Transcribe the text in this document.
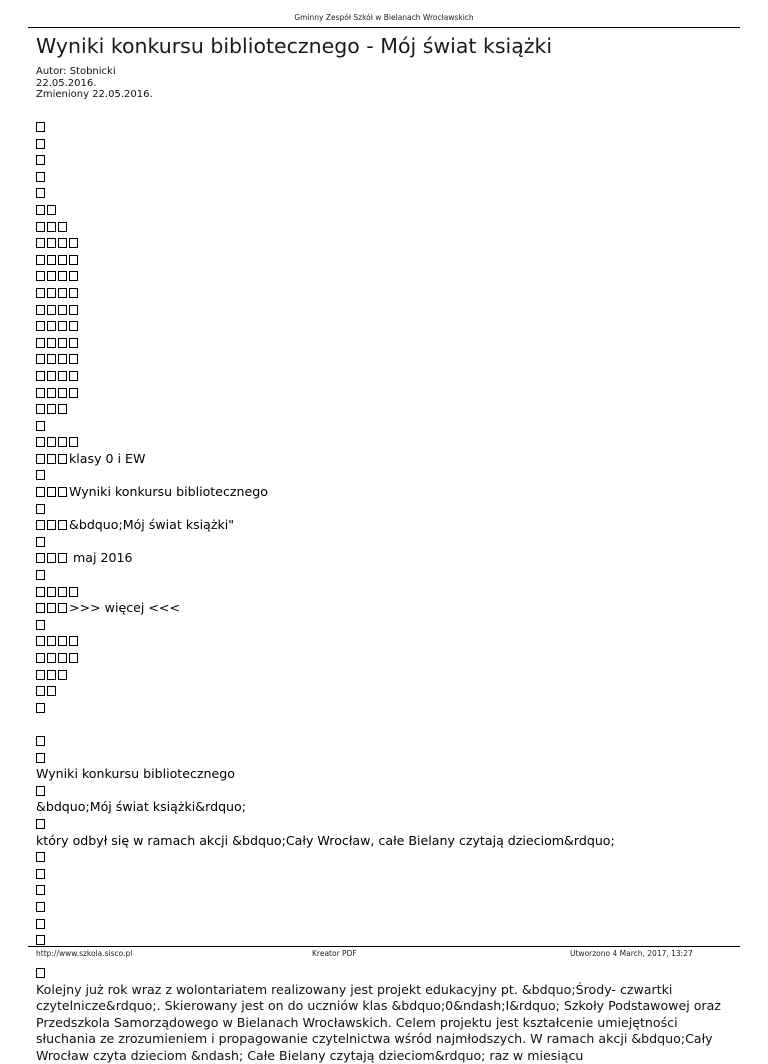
Gminny Zespół Szkół w Bielanach Wrocławskich
Wyniki konkursu bibliotecznego - Mój świat książki
Autor: Stobnicki
22.05.2016.
Zmieniony 22.05.2016.
klasy 0 i EW
Wyniki konkursu bibliotecznego
&bdquo;Mój świat książki"
maj 2016
>>> więcej <<<
Wyniki konkursu bibliotecznego
&bdquo;Mój świat książki&rdquo;
który odbył się w ramach akcji &bdquo;Cały Wrocław, całe Bielany czytają dzieciom&rdquo;
Kolejny już rok wraz z wolontariatem realizowany jest projekt edukacyjny pt. &bdquo;Środy- czwartki czytelnicze&rdquo;. Skierowany jest on do uczniów klas &bdquo;0&ndash;I&rdquo; Szkoły Podstawowej oraz Przedszkola Samorządowego w Bielanach Wrocławskich. Celem projektu jest kształcenie umiejętności słuchania ze zrozumieniem i propagowanie czytelnictwa wśród najmłodszych. W ramach akcji &bdquo;Cały Wrocław czyta dzieciom &ndash; Całe Bielany czytają dzieciom&rdquo; raz w miesiącu
http://www.szkola.sisco.pl	Kreator PDF	Utworzono 4 March, 2017, 13:27
